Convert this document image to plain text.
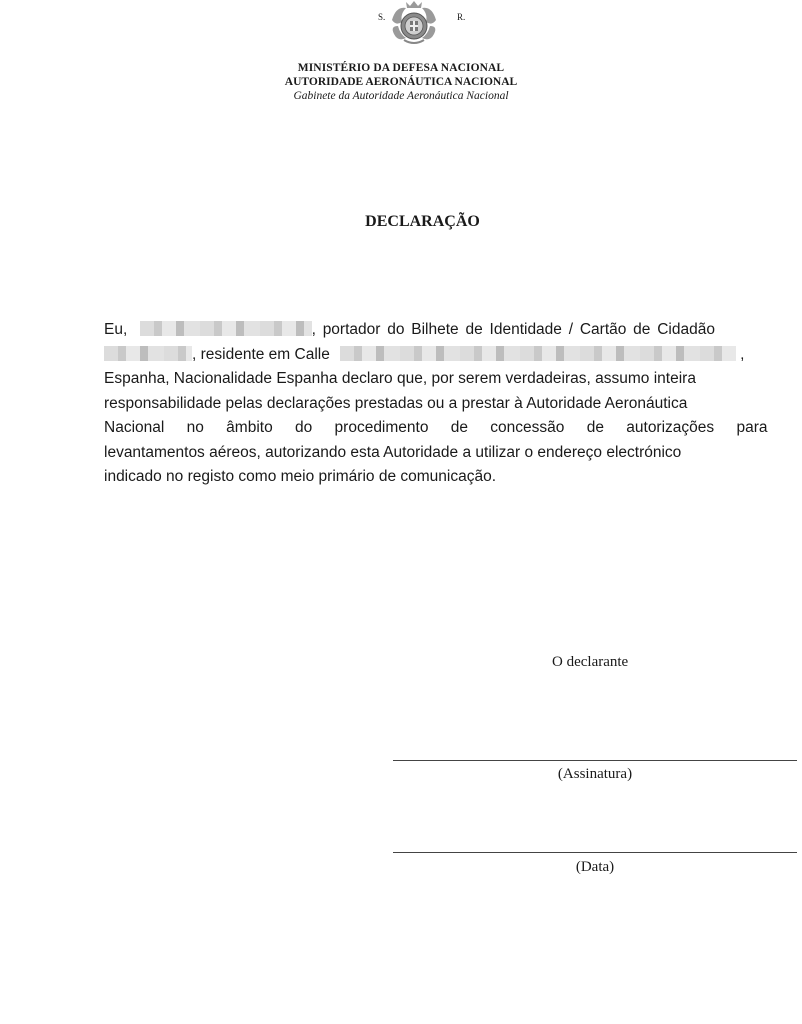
S.	R.
MINISTÉRIO DA DEFESA NACIONAL
AUTORIDADE AERONÁUTICA NACIONAL
Gabinete da Autoridade Aeronáutica Nacional
DECLARAÇÃO
Eu,	, portador do Bilhete de Identidade / Cartão de Cidadão
, residente em Calle	,
Espanha, Nacionalidade Espanha declaro que, por serem verdadeiras, assumo inteira
responsabilidade pelas declarações prestadas ou a prestar à Autoridade Aeronáutica
Nacional no âmbito do procedimento de concessão de autorizações para
levantamentos aéreos, autorizando esta Autoridade a utilizar o endereço electrónico
indicado no registo como meio primário de comunicação.
O declarante
(Assinatura)
(Data)
